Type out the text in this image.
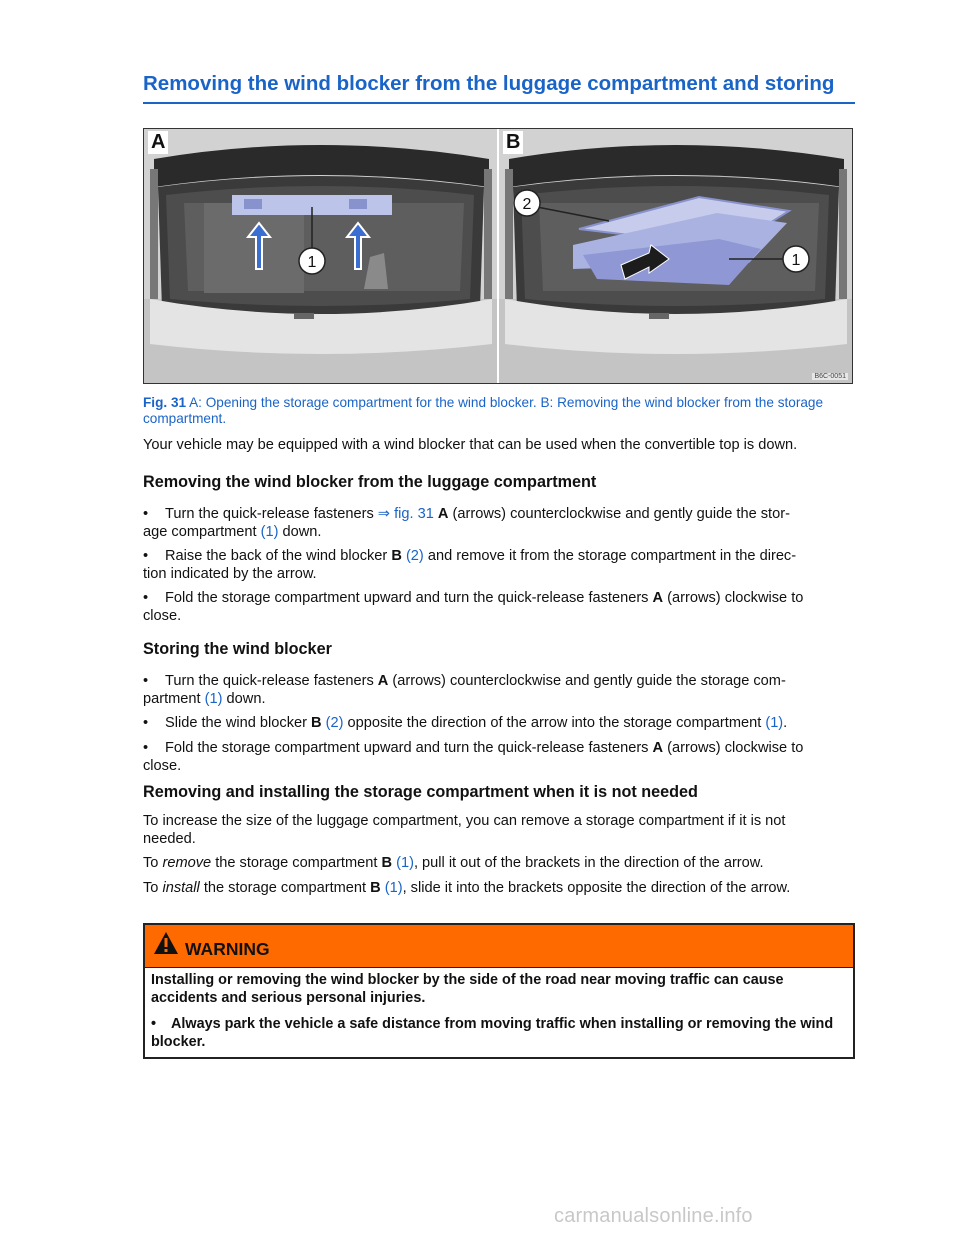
Removing the wind blocker from the luggage compartment and storing
1
A
2
1
B
B6C-0051
Fig. 31 A: Opening the storage compartment for the wind blocker. B: Removing the wind blocker from the storage compartment.

Your vehicle may be equipped with a wind blocker that can be used when the convertible top is down.

Removing the wind blocker from the luggage compartment

• Turn the quick-release fasteners ⇒ fig. 31 A (arrows) counterclockwise and gently guide the stor-
age compartment (1) down.

• Raise the back of the wind blocker B (2) and remove it from the storage compartment in the direc-
tion indicated by the arrow.

• Fold the storage compartment upward and turn the quick-release fasteners A (arrows) clockwise to
close.

Storing the wind blocker

• Turn the quick-release fasteners A (arrows) counterclockwise and gently guide the storage com-
partment (1) down.

• Slide the wind blocker B (2) opposite the direction of the arrow into the storage compartment (1).

• Fold the storage compartment upward and turn the quick-release fasteners A (arrows) clockwise to
close.

Removing and installing the storage compartment when it is not needed

To increase the size of the luggage compartment, you can remove a storage compartment if it is not
needed.

To remove the storage compartment B (1), pull it out of the brackets in the direction of the arrow.

To install the storage compartment B (1), slide it into the brackets opposite the direction of the arrow.

WARNING

Installing or removing the wind blocker by the side of the road near moving traffic can cause accidents and serious personal injuries.

• Always park the vehicle a safe distance from moving traffic when installing or removing the wind blocker.

carmanualsonline.info
